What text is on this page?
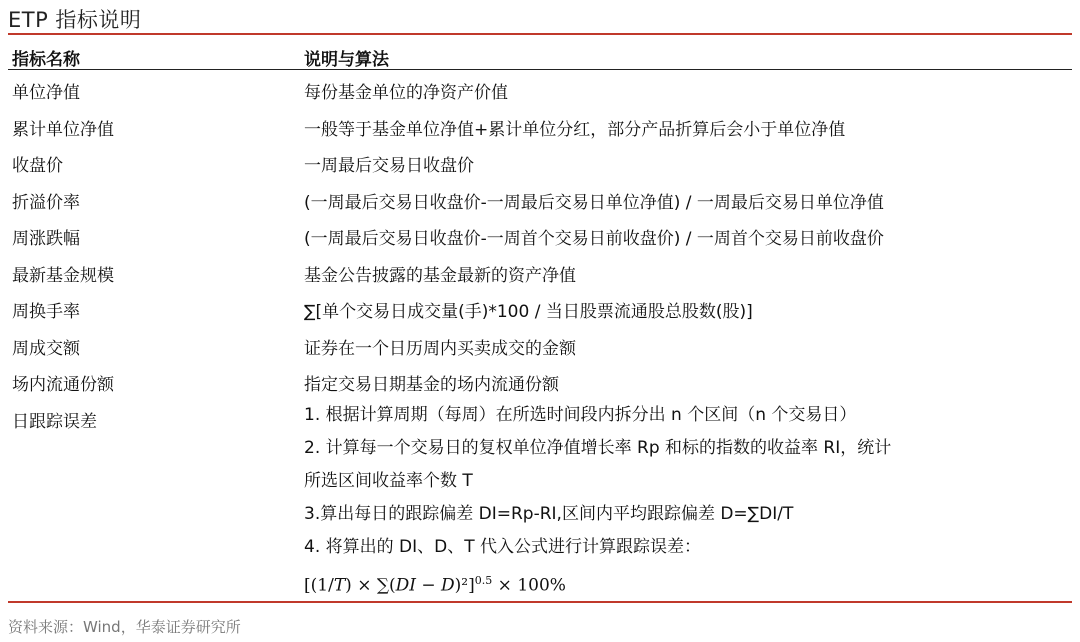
ETP 指标说明
指标名称	说明与算法
单位净值	每份基金单位的净资产价值
累计单位净值	一般等于基金单位净值+累计单位分红，部分产品折算后会小于单位净值
收盘价	一周最后交易日收盘价
折溢价率	(一周最后交易日收盘价-一周最后交易日单位净值) / 一周最后交易日单位净值
周涨跌幅	(一周最后交易日收盘价-一周首个交易日前收盘价) / 一周首个交易日前收盘价
最新基金规模	基金公告披露的基金最新的资产净值
周换手率	∑[单个交易日成交量(手)*100 / 当日股票流通股总股数(股)]
周成交额	证券在一个日历周内买卖成交的金额
场内流通份额	指定交易日期基金的场内流通份额
日跟踪误差	1. 根据计算周期（每周）在所选时间段内拆分出 n 个区间（n 个交易日）
2. 计算每一个交易日的复权单位净值增长率 Rp 和标的指数的收益率 RI，统计
所选区间收益率个数 T
3.算出每日的跟踪偏差 DI=Rp-RI,区间内平均跟踪偏差 D=∑DI/T
4. 将算出的 DI、D、T 代入公式进行计算跟踪误差：
$[(1/T) \times \sum(DI - D)^2]^{0.5} \times 100\%$
资料来源：Wind，华泰证券研究所
